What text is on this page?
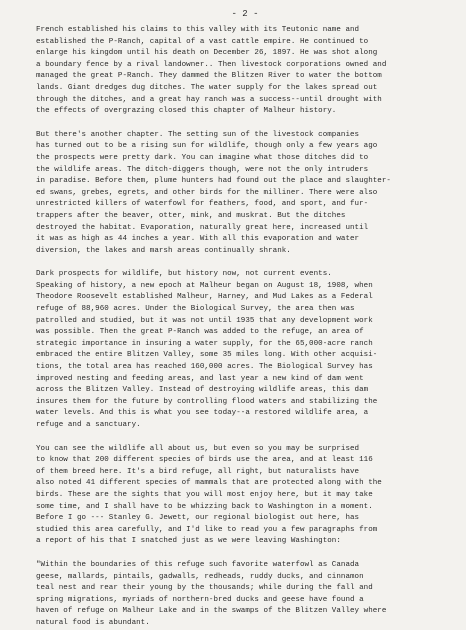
- 2 -

French established his claims to this valley with its Teutonic name and
established the P-Ranch, capital of a vast cattle empire. He continued to
enlarge his kingdom until his death on December 26, 1897. He was shot along
a boundary fence by a rival landowner.. Then livestock corporations owned and
managed the great P-Ranch. They dammed the Blitzen River to water the bottom
lands. Giant dredges dug ditches. The water supply for the lakes spread out
through the ditches, and a great hay ranch was a success--until drought with
the effects of overgrazing closed this chapter of Malheur history.

But there's another chapter. The setting sun of the livestock companies
has turned out to be a rising sun for wildlife, though only a few years ago
the prospects were pretty dark. You can imagine what those ditches did to
the wildlife areas. The ditch-diggers though, were not the only intruders
in paradise. Before them, plume hunters had found out the place and slaughter-
ed swans, grebes, egrets, and other birds for the milliner. There were also
unrestricted killers of waterfowl for feathers, food, and sport, and fur-
trappers after the beaver, otter, mink, and muskrat. But the ditches
destroyed the habitat. Evaporation, naturally great here, increased until
it was as high as 44 inches a year. With all this evaporation and water
diversion, the lakes and marsh areas continually shrank.

Dark prospects for wildlife, but history now, not current events.
Speaking of history, a new epoch at Malheur began on August 18, 1908, when
Theodore Roosevelt established Malheur, Harney, and Mud Lakes as a Federal
refuge of 88,960 acres. Under the Biological Survey, the area then was
patrolled and studied, but it was not until 1935 that any development work
was possible. Then the great P-Ranch was added to the refuge, an area of
strategic importance in insuring a water supply, for the 65,000-acre ranch
embraced the entire Blitzen Valley, some 35 miles long. With other acquisi-
tions, the total area has reached 160,000 acres. The Biological Survey has
improved nesting and feeding areas, and last year a new kind of dam went
across the Blitzen Valley. Instead of destroying wildlife areas, this dam
insures them for the future by controlling flood waters and stabilizing the
water levels. And this is what you see today--a restored wildlife area, a
refuge and a sanctuary.

You can see the wildlife all about us, but even so you may be surprised
to know that 200 different species of birds use the area, and at least 116
of them breed here. It's a bird refuge, all right, but naturalists have
also noted 41 different species of mammals that are protected along with the
birds. These are the sights that you will most enjoy here, but it may take
some time, and I shall have to be whizzing back to Washington in a moment.
Before I go --- Stanley G. Jewett, our regional biologist out here, has
studied this area carefully, and I'd like to read you a few paragraphs from
a report of his that I snatched just as we were leaving Washington:

"Within the boundaries of this refuge such favorite waterfowl as Canada
geese, mallards, pintails, gadwalls, redheads, ruddy ducks, and cinnamon
teal nest and rear their young by the thousands; while during the fall and
spring migrations, myriads of northern-bred ducks and geese have found a
haven of refuge on Malheur Lake and in the swamps of the Blitzen Valley where
natural food is abundant.
